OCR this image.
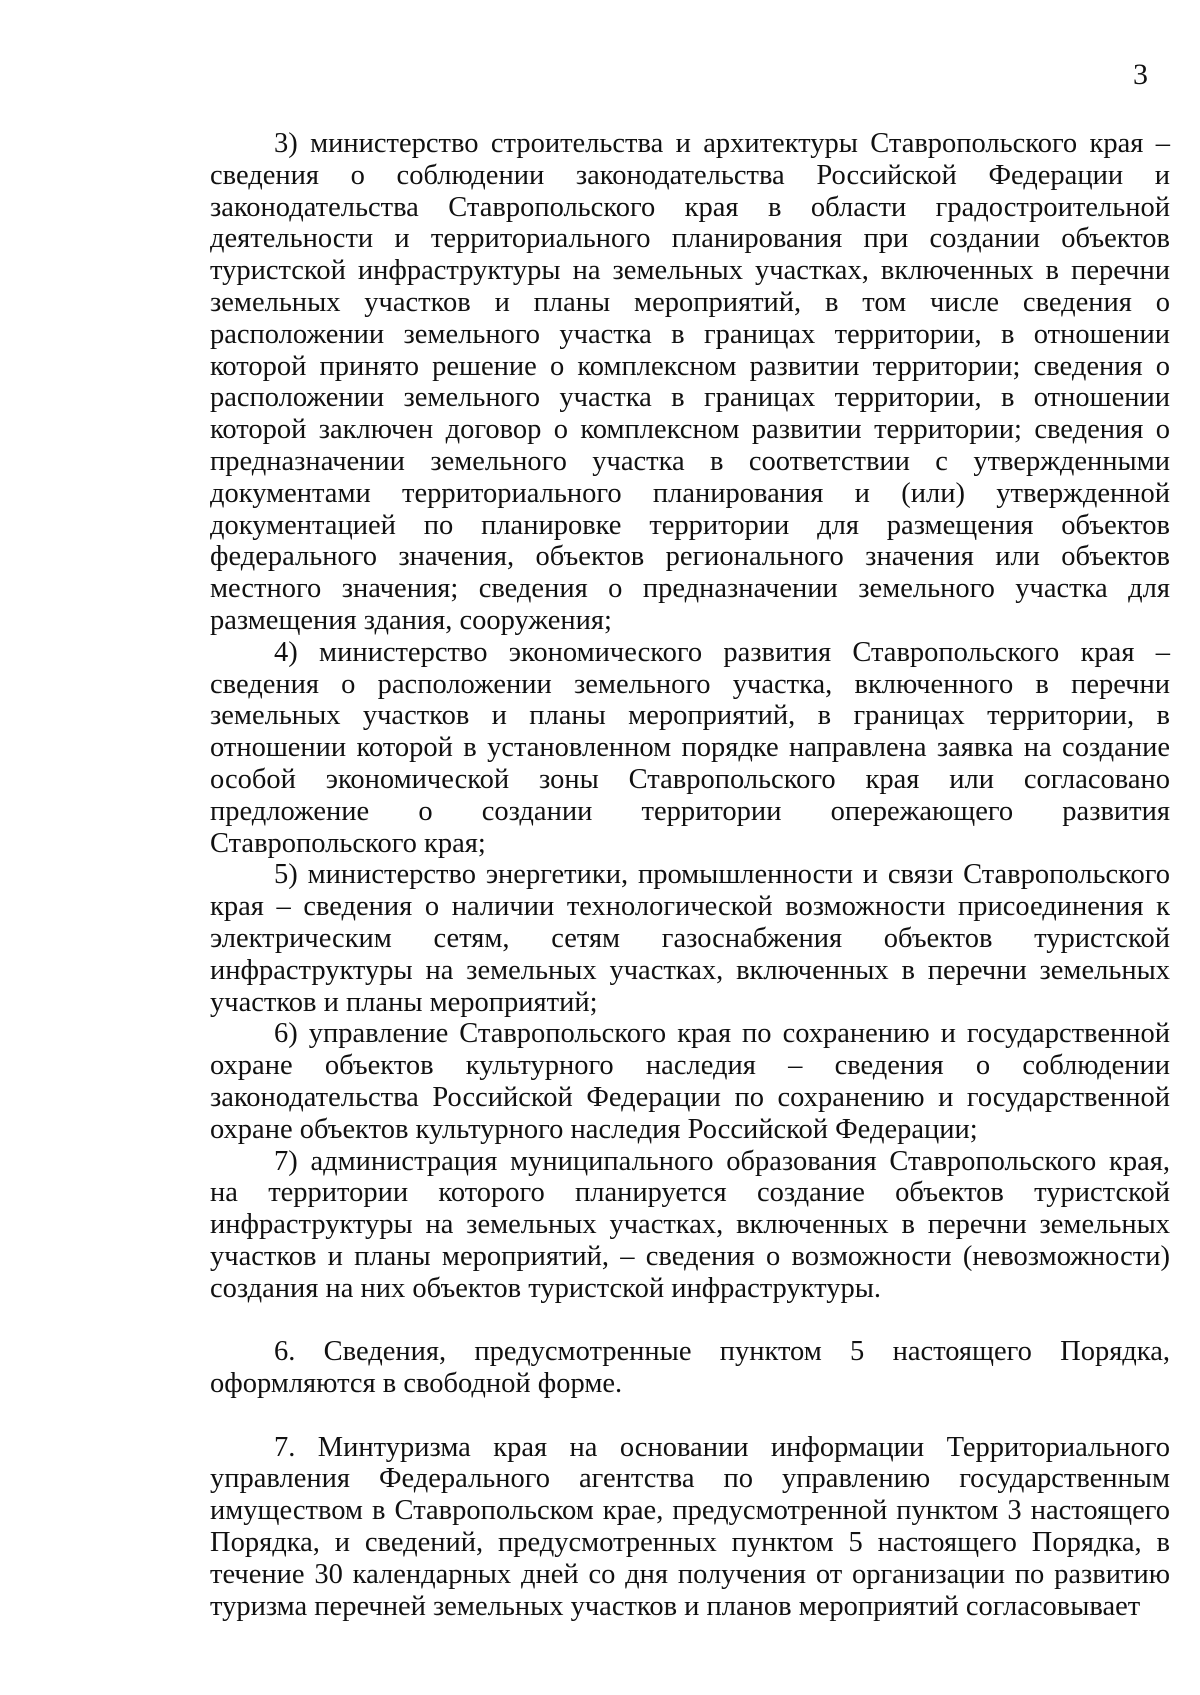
3

3) министерство строительства и архитектуры Ставропольского края – сведения о соблюдении законодательства Российской Федерации и законодательства Ставропольского края в области градостроительной деятельности и территориального планирования при создании объектов туристской инфраструктуры на земельных участках, включенных в перечни земельных участков и планы мероприятий, в том числе сведения о расположении земельного участка в границах территории, в отношении которой принято решение о комплексном развитии территории; сведения о расположении земельного участка в границах территории, в отношении которой заключен договор о комплексном развитии территории; сведения о предназначении земельного участка в соответствии с утвержденными документами территориального планирования и (или) утвержденной документацией по планировке территории для размещения объектов федерального значения, объектов регионального значения или объектов местного значения; сведения о предназначении земельного участка для размещения здания, сооружения;

4) министерство экономического развития Ставропольского края – сведения о расположении земельного участка, включенного в перечни земельных участков и планы мероприятий, в границах территории, в отношении которой в установленном порядке направлена заявка на создание особой экономической зоны Ставропольского края или согласовано предложение о создании территории опережающего развития Ставропольского края;

5) министерство энергетики, промышленности и связи Ставропольского края – сведения о наличии технологической возможности присоединения к электрическим сетям, сетям газоснабжения объектов туристской инфраструктуры на земельных участках, включенных в перечни земельных участков и планы мероприятий;

6) управление Ставропольского края по сохранению и государственной охране объектов культурного наследия – сведения о соблюдении законодательства Российской Федерации по сохранению и государственной охране объектов культурного наследия Российской Федерации;

7) администрация муниципального образования Ставропольского края, на территории которого планируется создание объектов туристской инфраструктуры на земельных участках, включенных в перечни земельных участков и планы мероприятий, – сведения о возможности (невозможности) создания на них объектов туристской инфраструктуры.

6. Сведения, предусмотренные пунктом 5 настоящего Порядка, оформляются в свободной форме.

7. Минтуризма края на основании информации Территориального управления Федерального агентства по управлению государственным имуществом в Ставропольском крае, предусмотренной пунктом 3 настоящего Порядка, и сведений, предусмотренных пунктом 5 настоящего Порядка, в течение 30 календарных дней со дня получения от организации по развитию туризма перечней земельных участков и планов мероприятий согласовывает
